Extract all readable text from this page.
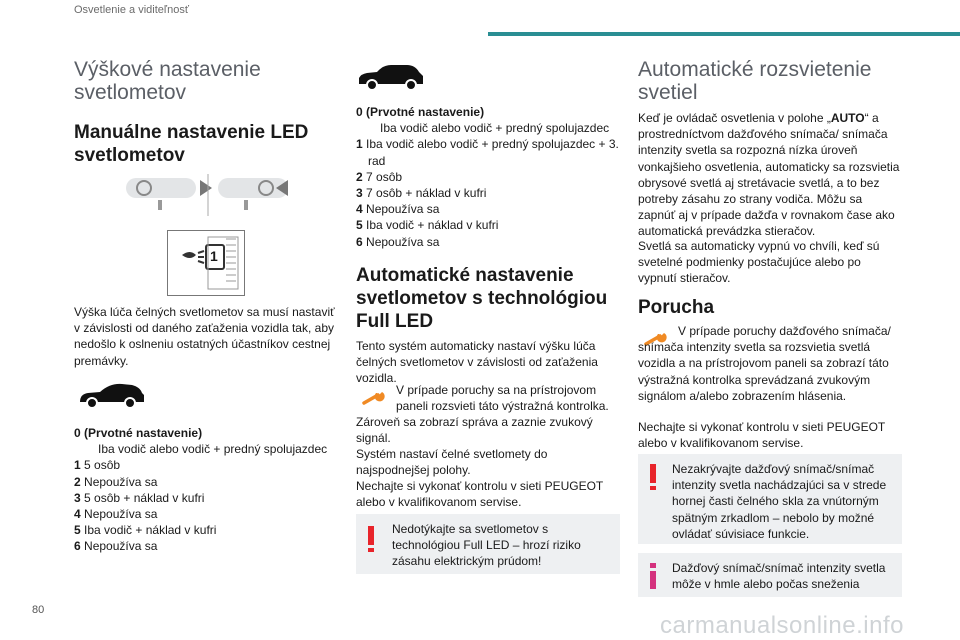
Osvetlenie a viditeľnosť
Výškové nastavenie svetlometov
Manuálne nastavenie LED svetlometov
1

Výška lúča čelných svetlometov sa musí nastaviť v závislosti od daného zaťaženia vozidla tak, aby nedošlo k oslneniu ostatných účastníkov cestnej premávky.

0 (Prvotné nastavenie)
Iba vodič alebo vodič + predný spolujazdec
1 5 osôb
2 Nepoužíva sa
3 5 osôb + náklad v kufri
4 Nepoužíva sa
5 Iba vodič + náklad v kufri
6 Nepoužíva sa
0 (Prvotné nastavenie)
Iba vodič alebo vodič + predný spolujazdec
1 Iba vodič alebo vodič + predný spolujazdec + 3. rad
2 7 osôb
3 7 osôb + náklad v kufri
4 Nepoužíva sa
5 Iba vodič + náklad v kufri
6 Nepoužíva sa
Automatické nastavenie svetlometov s technológiou Full LED

Tento systém automaticky nastaví výšku lúča čelných svetlometov v závislosti od zaťaženia vozidla.

V prípade poruchy sa na prístrojovom paneli rozsvieti táto výstražná kontrolka.

Zároveň sa zobrazí správa a zaznie zvukový signál.

Systém nastaví čelné svetlomety do najspodnejšej polohy.

Nechajte si vykonať kontrolu v sieti PEUGEOT alebo v kvalifikovanom servise.

Nedotýkajte sa svetlometov s technológiou Full LED – hrozí riziko zásahu elektrickým prúdom!
Automatické rozsvietenie svetiel

Keď je ovládač osvetlenia v polohe „AUTO“ a prostredníctvom dažďového snímača/ snímača intenzity svetla sa rozpozná nízka úroveň vonkajšieho osvetlenia, automaticky sa rozsvietia obrysové svetlá aj stretávacie svetlá, a to bez potreby zásahu zo strany vodiča. Môžu sa zapnúť aj v prípade dažďa v rovnakom čase ako automatická prevádzka stieračov.

Svetlá sa automaticky vypnú vo chvíli, keď sú svetelné podmienky postačujúce alebo po vypnutí stieračov.

Porucha

V prípade poruchy dažďového snímača/ snímača intenzity svetla sa rozsvietia svetlá vozidla a na prístrojovom paneli sa zobrazí táto výstražná kontrolka sprevádzaná zvukovým signálom a/alebo zobrazením hlásenia.

Nechajte si vykonať kontrolu v sieti PEUGEOT alebo v kvalifikovanom servise.

Nezakrývajte dažďový snímač/snímač intenzity svetla nachádzajúci sa v strede hornej časti čelného skla za vnútorným spätným zrkadlom – nebolo by možné ovládať súvisiace funkcie.
Dažďový snímač/snímač intenzity svetla môže v hmle alebo počas sneženia
80
carmanualsonline.info
